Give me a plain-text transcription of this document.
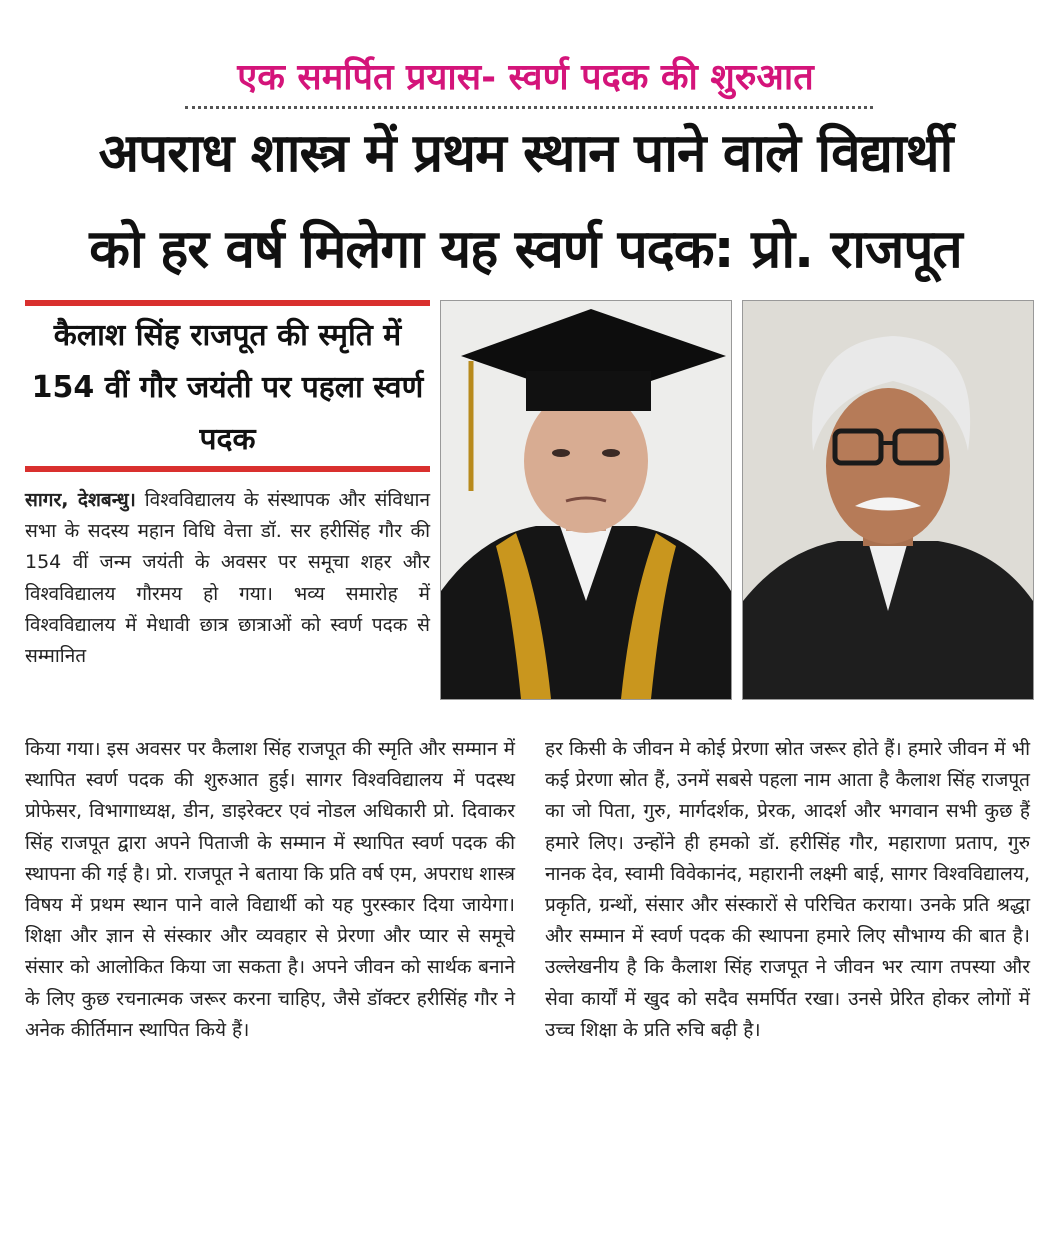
एक समर्पित प्रयास- स्वर्ण पदक की शुरुआत
अपराध शास्त्र में प्रथम स्थान पाने वाले विद्यार्थी
को हर वर्ष मिलेगा यह स्वर्ण पदक: प्रो. राजपूत
कैलाश सिंह राजपूत की स्मृति में 154 वीं गौर जयंती पर पहला स्वर्ण पदक
सागर, देशबन्धु। विश्वविद्यालय के संस्थापक और संविधान सभा के सदस्य महान विधि वेत्ता डॉ. सर हरीसिंह गौर की 154 वीं जन्म जयंती के अवसर पर समूचा शहर और विश्वविद्यालय गौरमय हो गया। भव्य समारोह में विश्वविद्यालय में मेधावी छात्र छात्राओं को स्वर्ण पदक से सम्मानित
किया गया। इस अवसर पर कैलाश सिंह राजपूत की स्मृति और सम्मान में स्थापित स्वर्ण पदक की शुरुआत हुई। सागर विश्वविद्यालय में पदस्थ प्रोफेसर, विभागाध्यक्ष, डीन, डाइरेक्टर एवं नोडल अधिकारी प्रो. दिवाकर सिंह राजपूत द्वारा अपने पिताजी के सम्मान में स्थापित स्वर्ण पदक की स्थापना की गई है। प्रो. राजपूत ने बताया कि प्रति वर्ष एम, अपराध शास्त्र विषय में प्रथम स्थान पाने वाले विद्यार्थी को यह पुरस्कार दिया जायेगा। शिक्षा और ज्ञान से संस्कार और व्यवहार से प्रेरणा और प्यार से समूचे संसार को आलोकित किया जा सकता है। अपने जीवन को सार्थक बनाने के लिए कुछ रचनात्मक जरूर करना चाहिए, जैसे डॉक्टर हरीसिंह गौर ने अनेक कीर्तिमान स्थापित किये हैं।
हर किसी के जीवन मे कोई प्रेरणा स्रोत जरूर होते हैं। हमारे जीवन में भी कई प्रेरणा स्रोत हैं, उनमें सबसे पहला नाम आता है कैलाश सिंह राजपूत का जो पिता, गुरु, मार्गदर्शक, प्रेरक, आदर्श और भगवान सभी कुछ हैं हमारे लिए। उन्होंने ही हमको डॉ. हरीसिंह गौर, महाराणा प्रताप, गुरु नानक देव, स्वामी विवेकानंद, महारानी लक्ष्मी बाई, सागर विश्वविद्यालय, प्रकृति, ग्रन्थों, संसार और संस्कारों से परिचित कराया। उनके प्रति श्रद्धा और सम्मान में स्वर्ण पदक की स्थापना हमारे लिए सौभाग्य की बात है। उल्लेखनीय है कि कैलाश सिंह राजपूत ने जीवन भर त्याग तपस्या और सेवा कार्यों में खुद को सदैव समर्पित रखा। उनसे प्रेरित होकर लोगों में उच्च शिक्षा के प्रति रुचि बढ़ी है।
